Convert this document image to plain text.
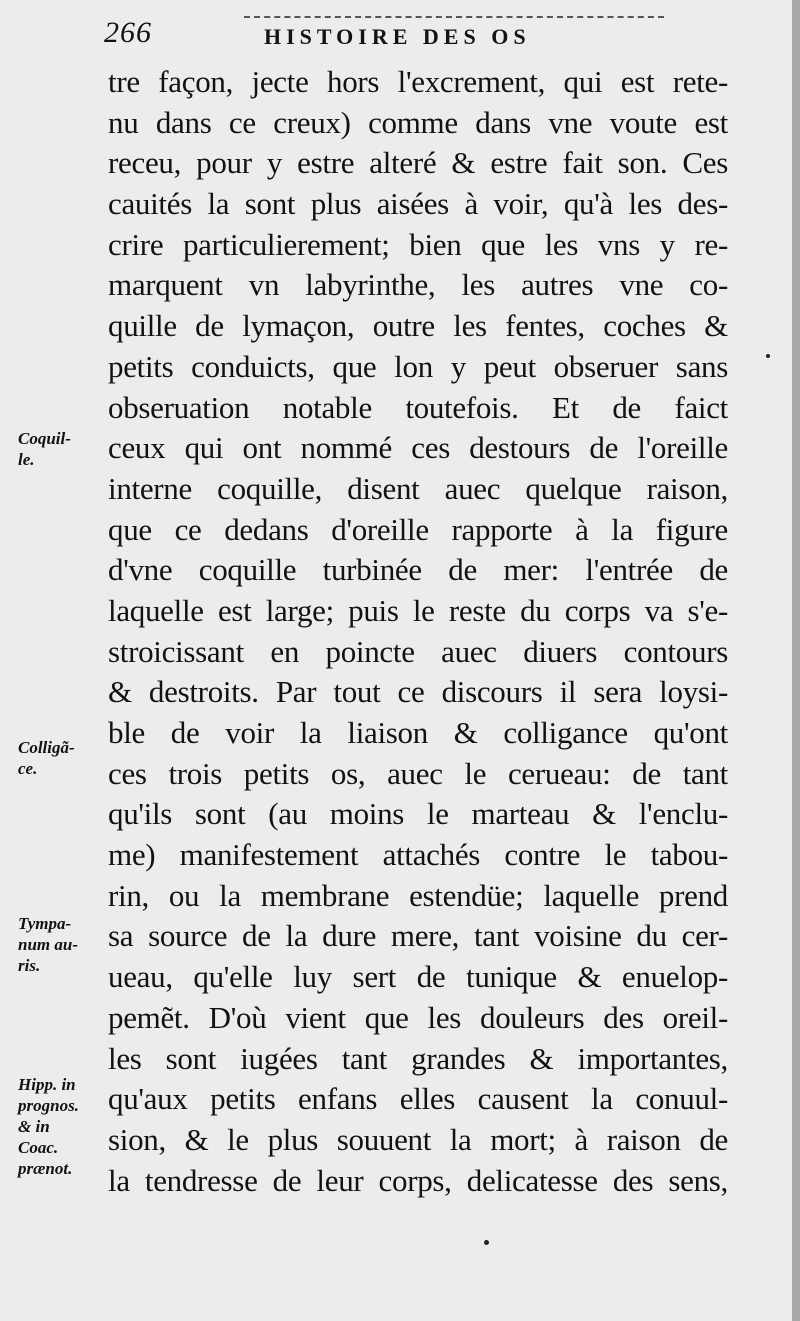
266	HISTOIRE DES OS
tre façon, jecte hors l'excrement, qui est rete-
nu dans ce creux) comme dans vne voute est
receu, pour y estre alteré & estre fait son. Ces
cauités la sont plus aisées à voir, qu'à les des-
crire particulierement; bien que les vns y re-
marquent vn labyrinthe, les autres vne co-
quille de lymaçon, outre les fentes, coches &
petits conduicts, que lon y peut obseruer sans
obseruation notable toutefois. Et de faict
ceux qui ont nommé ces destours de l'oreille
interne coquille, disent auec quelque raison,
que ce dedans d'oreille rapporte à la figure
d'vne coquille turbinée de mer: l'entrée de
laquelle est large; puis le reste du corps va s'e-
stroicissant en poincte auec diuers contours
& destroits. Par tout ce discours il sera loysi-
ble de voir la liaison & colligance qu'ont
ces trois petits os, auec le cerueau: de tant
qu'ils sont (au moins le marteau & l'enclu-
me) manifestement attachés contre le tabou-
rin, ou la membrane estendüe; laquelle prend
sa source de la dure mere, tant voisine du cer-
ueau, qu'elle luy sert de tunique & enuelop-
pemẽt. D'où vient que les douleurs des oreil-
les sont iugées tant grandes & importantes,
qu'aux petits enfans elles causent la conuul-
sion, & le plus souuent la mort; à raison de
la tendresse de leur corps, delicatesse des sens,
Coquil-
le.
Colligã-
ce.
Tympa-
num au-
ris.
Hipp. in
prognos.
& in
Coac.
prænot.
